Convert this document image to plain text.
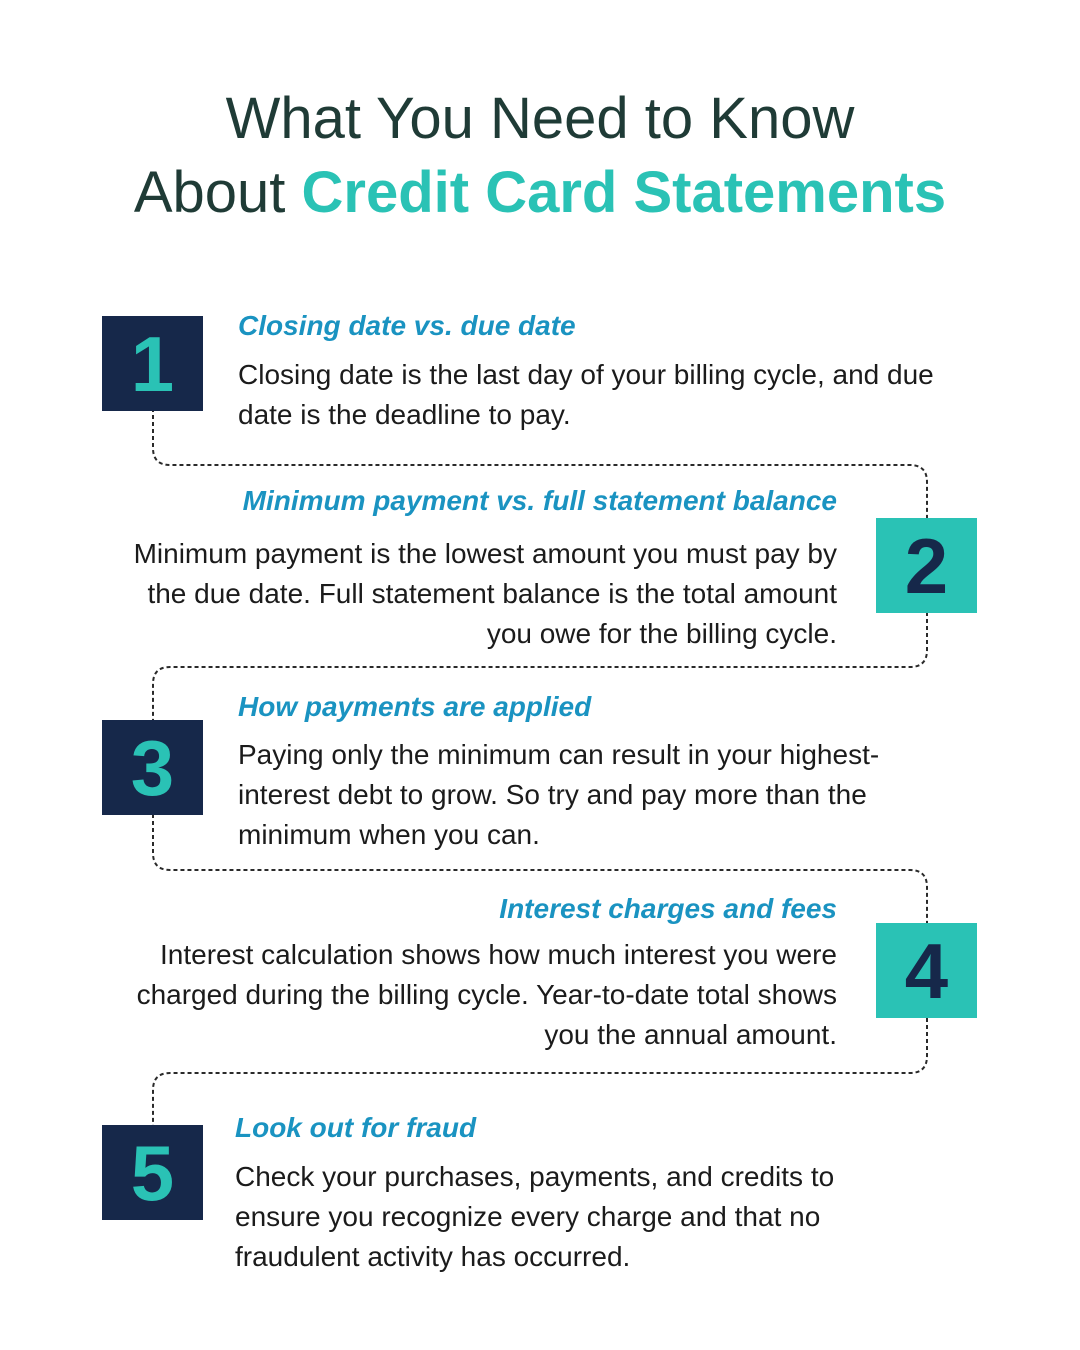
What You Need to Know
About Credit Card Statements
1	Closing date vs. due date

Closing date is the last day of your billing cycle, and due date is the deadline to pay.

2
Minimum payment vs. full statement balance

Minimum payment is the lowest amount you must pay by the due date. Full statement balance is the total amount you owe for the billing cycle.

3
How payments are applied

Paying only the minimum can result in your highest-interest debt to grow. So try and pay more than the minimum when you can.

4
Interest charges and fees

Interest calculation shows how much interest you were charged during the billing cycle. Year-to-date total shows you the annual amount.

5
Look out for fraud

Check your purchases, payments, and credits to ensure you recognize every charge and that no fraudulent activity has occurred.
